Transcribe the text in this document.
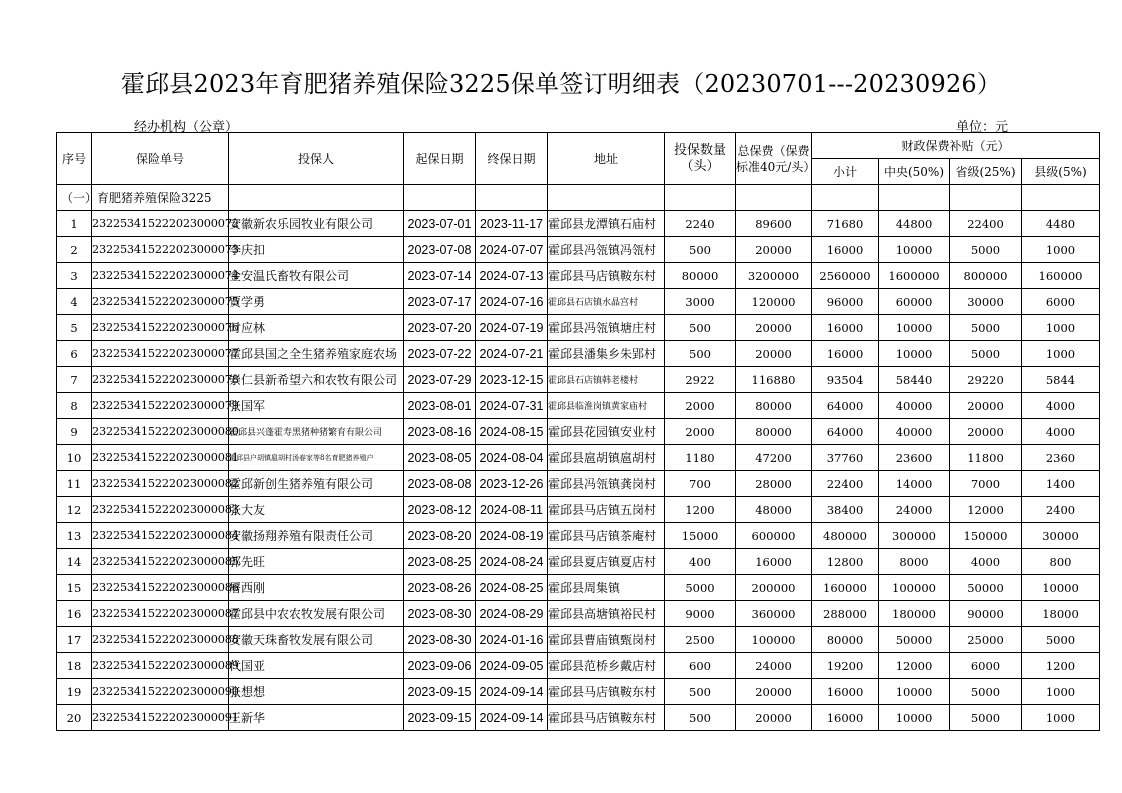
霍邱县2023年育肥猪养殖保险3225保单签订明细表（20230701---20230926）
经办机构（公章）	单位：元
序号	保险单号	投保人	起保日期	终保日期	地址	投保数量（头）	总保费（保费标准40元/头）	财政保费补贴（元）			
								小计	中央(50%)	省级(25%)	县级(5%)
（一）育肥猪养殖保险3225											
1	232253415222023000072	安徽新农乐园牧业有限公司	2023-07-01	2023-11-17	霍邱县龙潭镇石庙村	2240	89600	71680	44800	22400	4480
2	232253415222023000073	李庆扣	2023-07-08	2024-07-07	霍邱县冯瓴镇冯瓴村	500	20000	16000	10000	5000	1000
3	232253415222023000074	金安温氏畜牧有限公司	2023-07-14	2024-07-13	霍邱县马店镇鞍东村	80000	3200000	2560000	1600000	800000	160000
4	232253415222023000075	贾学勇	2023-07-17	2024-07-16	霍邱县石店镇水晶宫村	3000	120000	96000	60000	30000	6000
5	232253415222023000076	时应林	2023-07-20	2024-07-19	霍邱县冯瓴镇塘庄村	500	20000	16000	10000	5000	1000
6	232253415222023000077	霍邱县国之全生猪养殖家庭农场	2023-07-22	2024-07-21	霍邱县潘集乡朱郢村	500	20000	16000	10000	5000	1000
7	232253415222023000078	崇仁县新希望六和农牧有限公司	2023-07-29	2023-12-15	霍邱县石店镇韩老楼村	2922	116880	93504	58440	29220	5844
8	232253415222023000079	张国军	2023-08-01	2024-07-31	霍邱县临淮岗镇黄家庙村	2000	80000	64000	40000	20000	4000
9	232253415222023000080	霍邱县兴蓬霍寿黑猪种猪繁育有限公司	2023-08-16	2024-08-15	霍邱县花园镇安业村	2000	80000	64000	40000	20000	4000
10	232253415222023000081	霍邱县户胡镇扈胡村汤春家等8名育肥猪养殖户	2023-08-05	2024-08-04	霍邱县扈胡镇扈胡村	1180	47200	37760	23600	11800	2360
11	232253415222023000082	霍邱新创生猪养殖有限公司	2023-08-08	2023-12-26	霍邱县冯瓴镇龚岗村	700	28000	22400	14000	7000	1400
12	232253415222023000083	张大友	2023-08-12	2024-08-11	霍邱县马店镇五岗村	1200	48000	38400	24000	12000	2400
13	232253415222023000084	安徽扬翔养殖有限责任公司	2023-08-20	2024-08-19	霍邱县马店镇茶庵村	15000	600000	480000	300000	150000	30000
14	232253415222023000085	郭先旺	2023-08-25	2024-08-24	霍邱县夏店镇夏店村	400	16000	12800	8000	4000	800
15	232253415222023000086	屠西刚	2023-08-26	2024-08-25	霍邱县周集镇	5000	200000	160000	100000	50000	10000
16	232253415222023000087	霍邱县中农农牧发展有限公司	2023-08-30	2024-08-29	霍邱县高塘镇裕民村	9000	360000	288000	180000	90000	18000
17	232253415222023000088	安徽天珠畜牧发展有限公司	2023-08-30	2024-01-16	霍邱县曹庙镇甄岗村	2500	100000	80000	50000	25000	5000
18	232253415222023000089	代国亚	2023-09-06	2024-09-05	霍邱县范桥乡戴店村	600	24000	19200	12000	6000	1200
19	232253415222023000090	张想想	2023-09-15	2024-09-14	霍邱县马店镇鞍东村	500	20000	16000	10000	5000	1000
20	232253415222023000091	王新华	2023-09-15	2024-09-14	霍邱县马店镇鞍东村	500	20000	16000	10000	5000	1000
